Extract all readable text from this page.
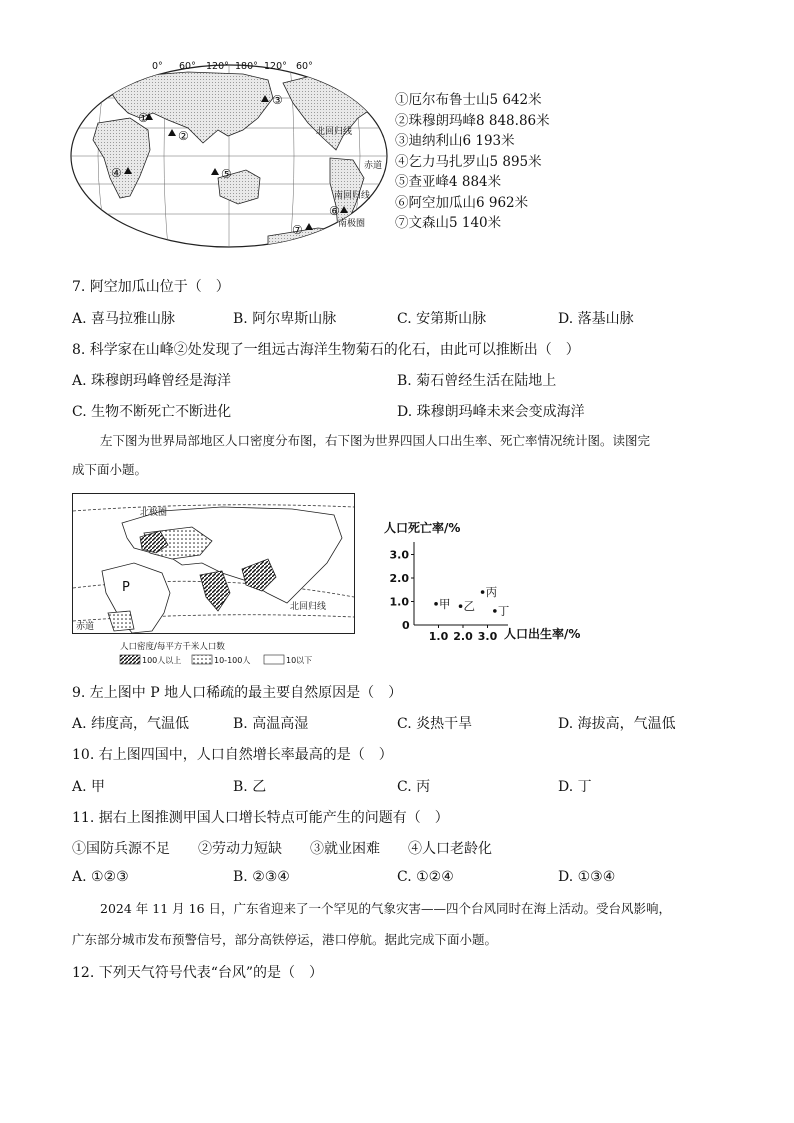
0° 60° 120° 180° 120° 60°
北回归线
赤道
南回归线
南极圈
①
②
③
④	⑤
⑥
⑦
①厄尔布鲁士山5 642米
②珠穆朗玛峰8 848.86米
③迪纳利山6 193米
④乞力马扎罗山5 895米
⑤查亚峰4 884米
⑥阿空加瓜山6 962米
⑦文森山5 140米
7. 阿空加瓜山位于（　）
A. 喜马拉雅山脉	B. 阿尔卑斯山脉	C. 安第斯山脉	D. 落基山脉
8. 科学家在山峰②处发现了一组远古海洋生物菊石的化石，由此可以推断出（　）
A. 珠穆朗玛峰曾经是海洋	B. 菊石曾经生活在陆地上
C. 生物不断死亡不断进化	D. 珠穆朗玛峰未来会变成海洋
左下图为世界局部地区人口密度分布图，右下图为世界四国人口出生率、死亡率情况统计图。读图完
成下面小题。
北极圈
北回归线
赤道
P
人口密度/每平方千米人口数
100人以上	10-100人	10以下
人口死亡率/%
0
人口出生率/%
1.0 2.0 3.0
1.0
2.0
3.0
甲 乙
丙
丁
9. 左上图中 P 地人口稀疏的最主要自然原因是（　）
A. 纬度高，气温低	B. 高温高湿	C. 炎热干旱	D. 海拔高，气温低
10. 右上图四国中，人口自然增长率最高的是（　）
A. 甲	B. 乙	C. 丙	D. 丁
11. 据右上图推测甲国人口增长特点可能产生的问题有（　）
①国防兵源不足 ②劳动力短缺 ③就业困难 ④人口老龄化
A. ①②③	B. ②③④	C. ①②④	D. ①③④
2024 年 11 月 16 日，广东省迎来了一个罕见的气象灾害——四个台风同时在海上活动。受台风影响，
广东部分城市发布预警信号，部分高铁停运，港口停航。据此完成下面小题。
12. 下列天气符号代表“台风”的是（　）
